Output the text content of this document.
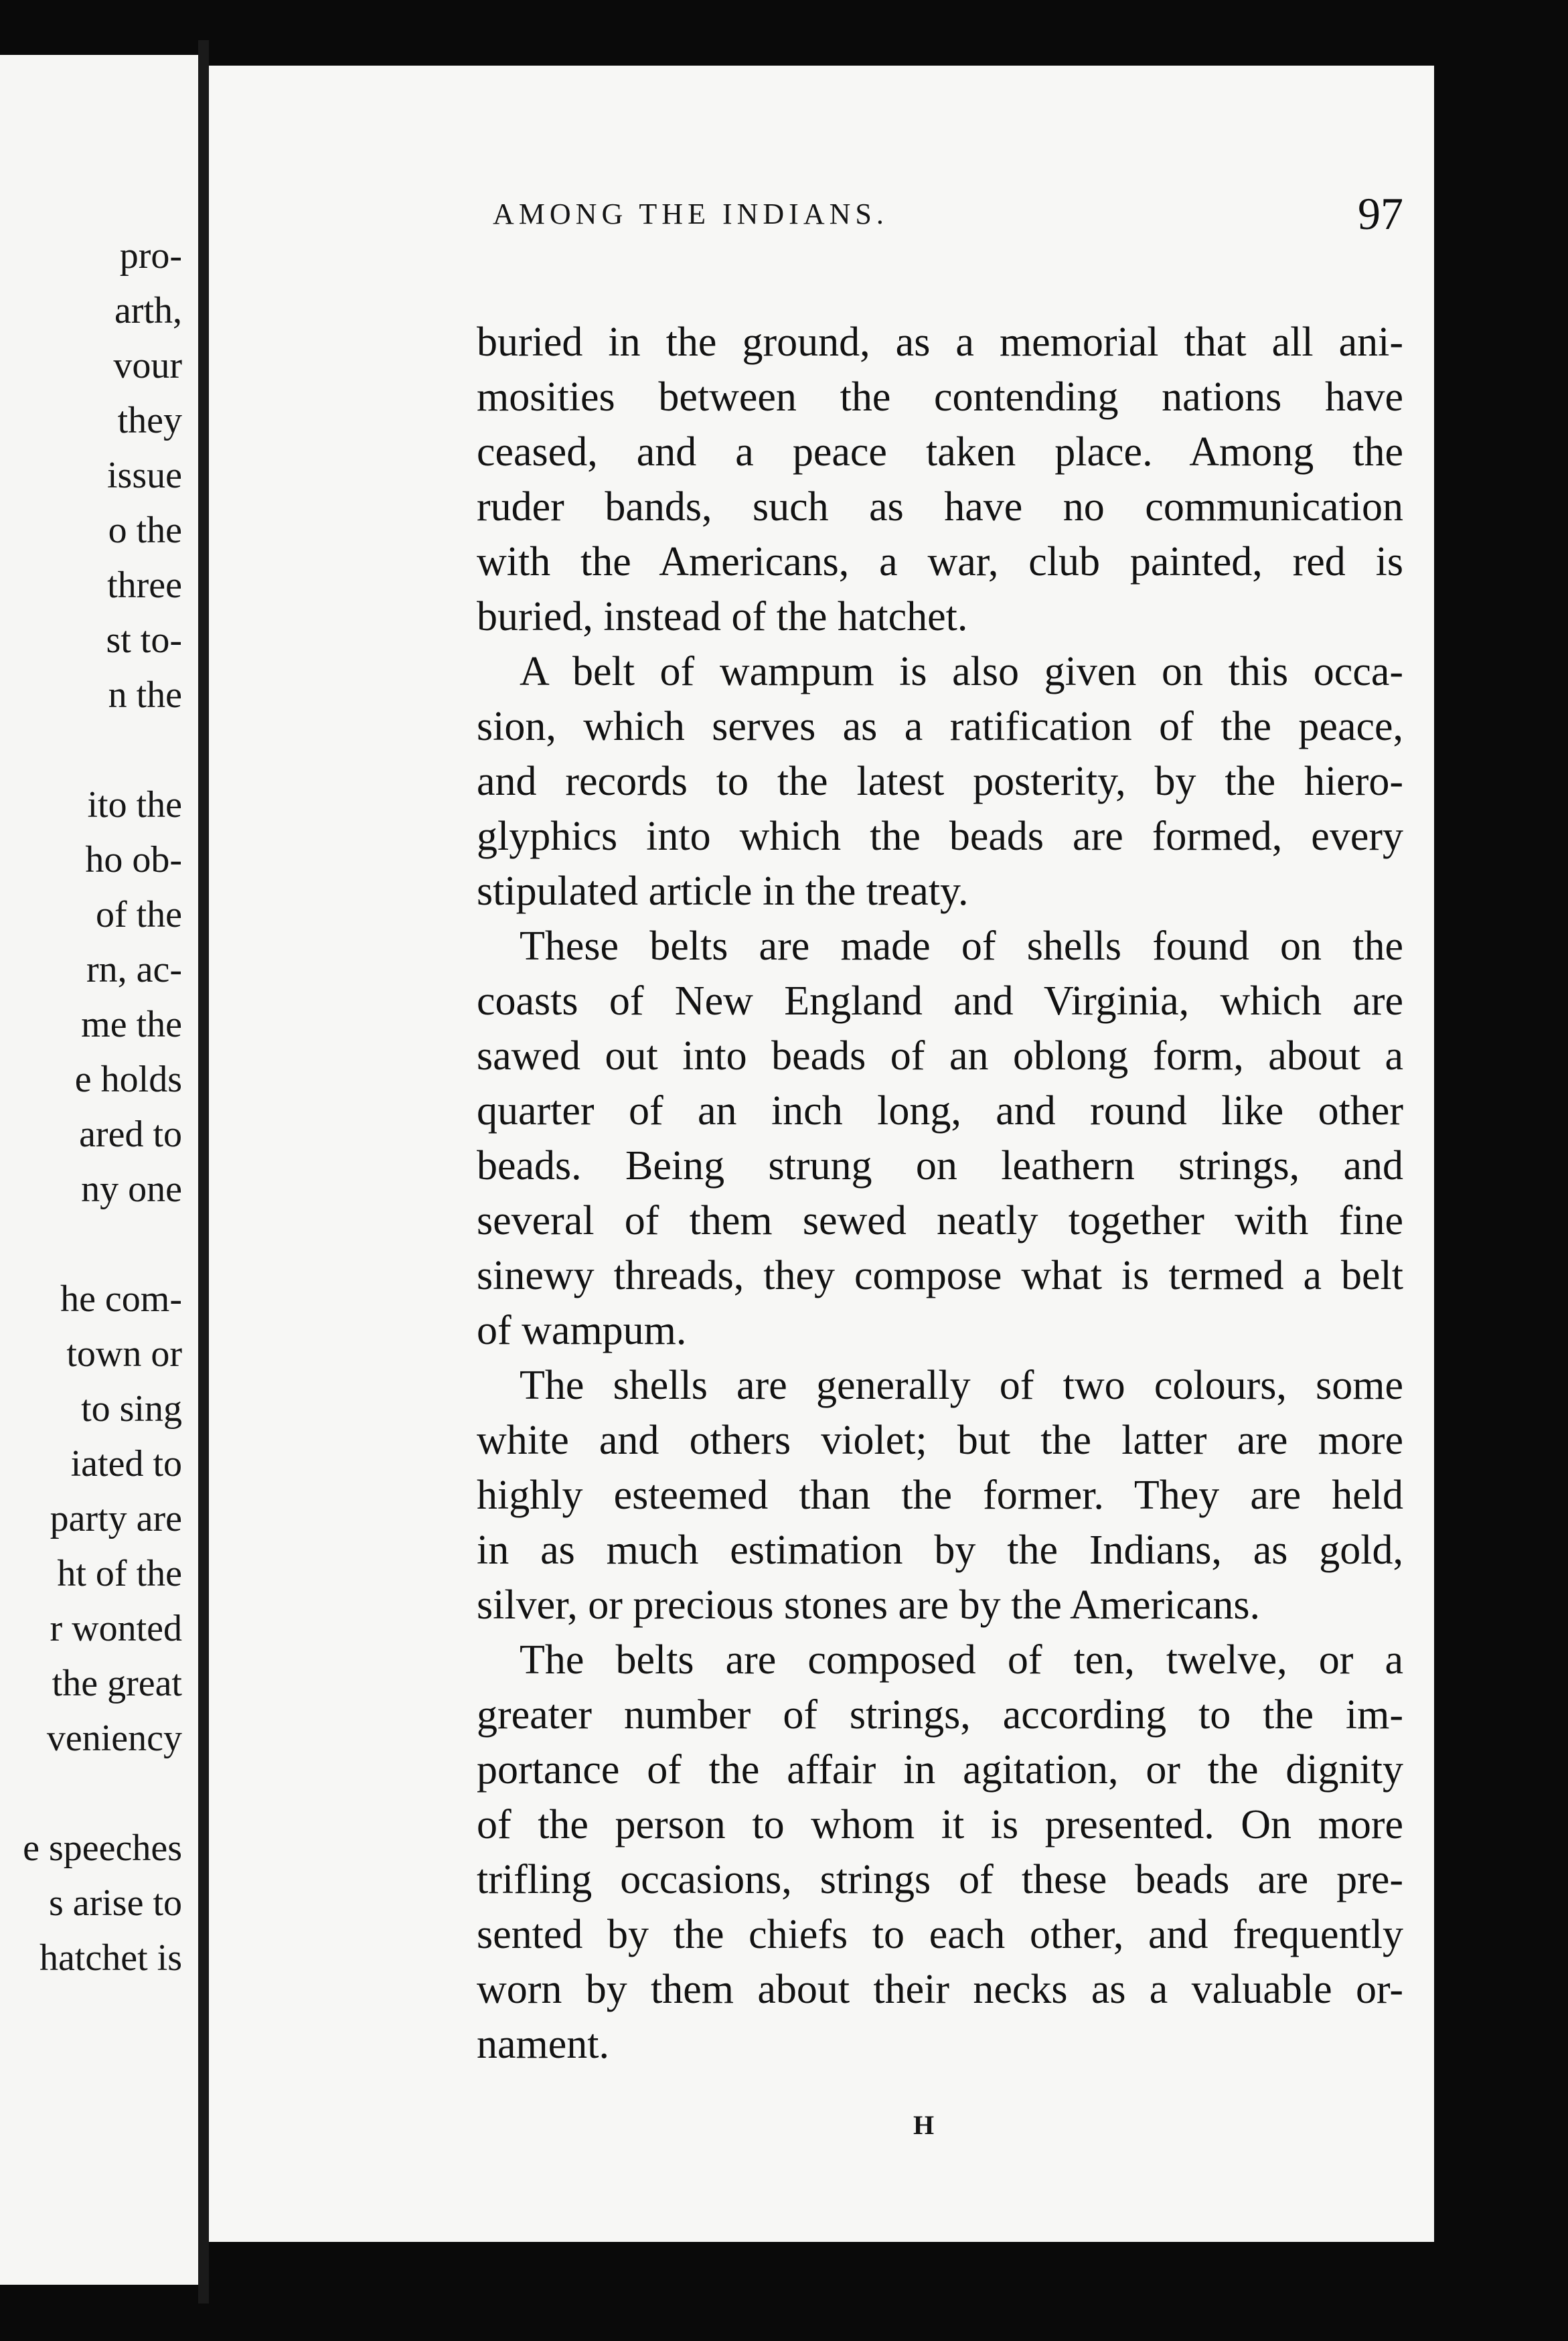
pro-

arth,

vour

they

issue

o the

three

st to-

n the

ito the

ho ob-

of the

rn, ac-

me the

e holds

ared to

ny one

he com-

town or

to sing

iated to

party are

ht of the

r wonted

the great

veniency

e speeches

s arise to

hatchet is

AMONG THE INDIANS.	97

buried in the ground, as a memorial that all ani-

mosities between the contending nations have

ceased, and a peace taken place. Among the

ruder bands, such as have no communication

with the Americans, a war, club painted, red is

buried, instead of the hatchet.

A belt of wampum is also given on this occa-

sion, which serves as a ratification of the peace,

and records to the latest posterity, by the hiero-

glyphics into which the beads are formed, every

stipulated article in the treaty.

These belts are made of shells found on the

coasts of New England and Virginia, which are

sawed out into beads of an oblong form, about a

quarter of an inch long, and round like other

beads. Being strung on leathern strings, and

several of them sewed neatly together with fine

sinewy threads, they compose what is termed a belt

of wampum.

The shells are generally of two colours, some

white and others violet; but the latter are more

highly esteemed than the former. They are held

in as much estimation by the Indians, as gold,

silver, or precious stones are by the Americans.

The belts are composed of ten, twelve, or a

greater number of strings, according to the im-

portance of the affair in agitation, or the dignity

of the person to whom it is presented. On more

trifling occasions, strings of these beads are pre-

sented by the chiefs to each other, and frequently

worn by them about their necks as a valuable or-

nament.

H
